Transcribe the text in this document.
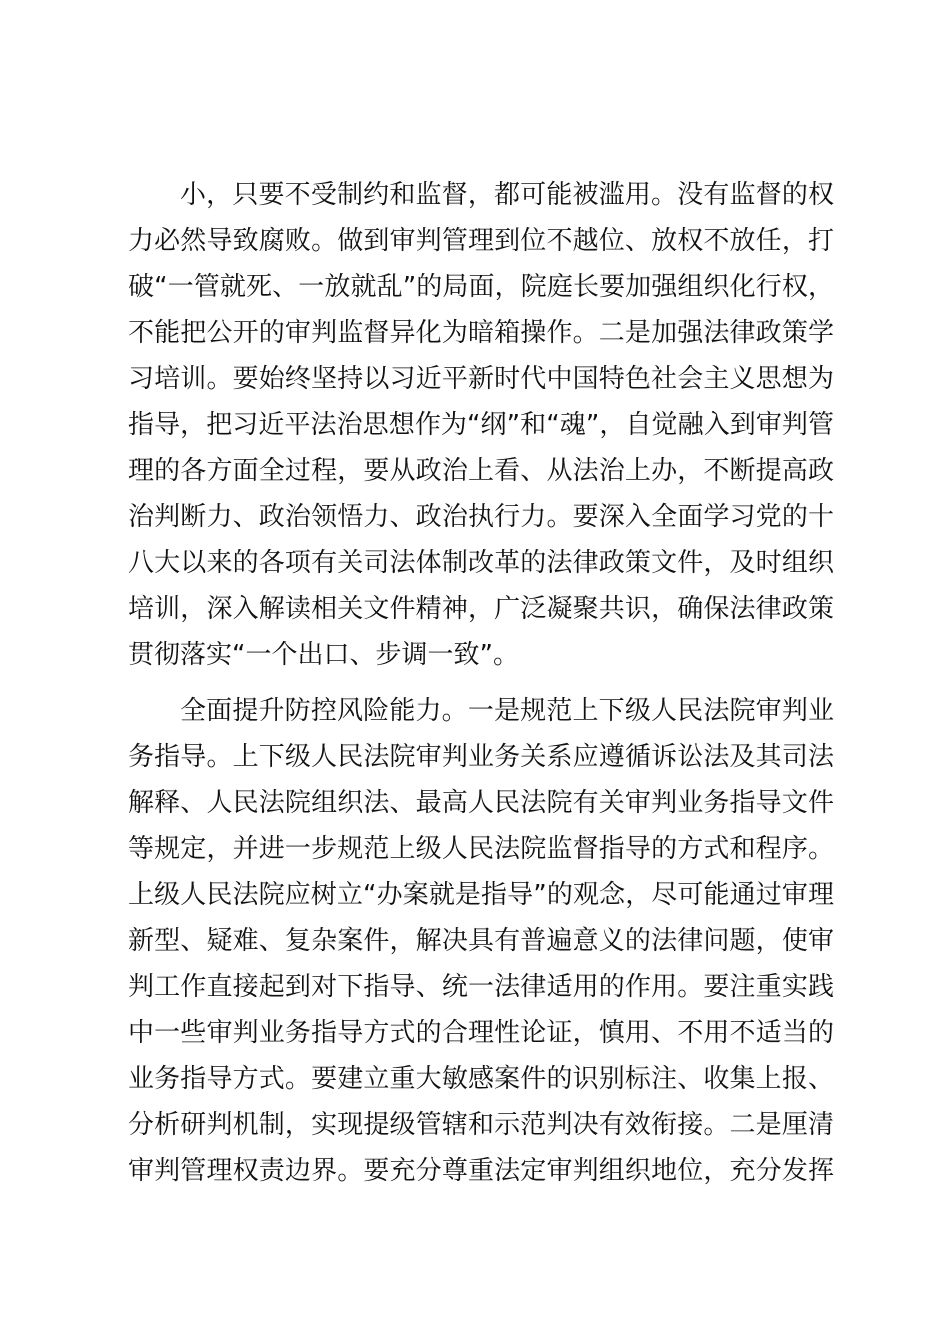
小，只要不受制约和监督，都可能被滥用。没有监督的权
力必然导致腐败。做到审判管理到位不越位、放权不放任，打
破“一管就死、一放就乱”的局面，院庭长要加强组织化行权，
不能把公开的审判监督异化为暗箱操作。二是加强法律政策学
习培训。要始终坚持以习近平新时代中国特色社会主义思想为
指导，把习近平法治思想作为“纲”和“魂”，自觉融入到审判管
理的各方面全过程，要从政治上看、从法治上办，不断提高政
治判断力、政治领悟力、政治执行力。要深入全面学习党的十
八大以来的各项有关司法体制改革的法律政策文件，及时组织
培训，深入解读相关文件精神，广泛凝聚共识，确保法律政策
贯彻落实“一个出口、步调一致”。
全面提升防控风险能力。一是规范上下级人民法院审判业
务指导。上下级人民法院审判业务关系应遵循诉讼法及其司法
解释、人民法院组织法、最高人民法院有关审判业务指导文件
等规定，并进一步规范上级人民法院监督指导的方式和程序。
上级人民法院应树立“办案就是指导”的观念，尽可能通过审理
新型、疑难、复杂案件，解决具有普遍意义的法律问题，使审
判工作直接起到对下指导、统一法律适用的作用。要注重实践
中一些审判业务指导方式的合理性论证，慎用、不用不适当的
业务指导方式。要建立重大敏感案件的识别标注、收集上报、
分析研判机制，实现提级管辖和示范判决有效衔接。二是厘清
审判管理权责边界。要充分尊重法定审判组织地位，充分发挥
